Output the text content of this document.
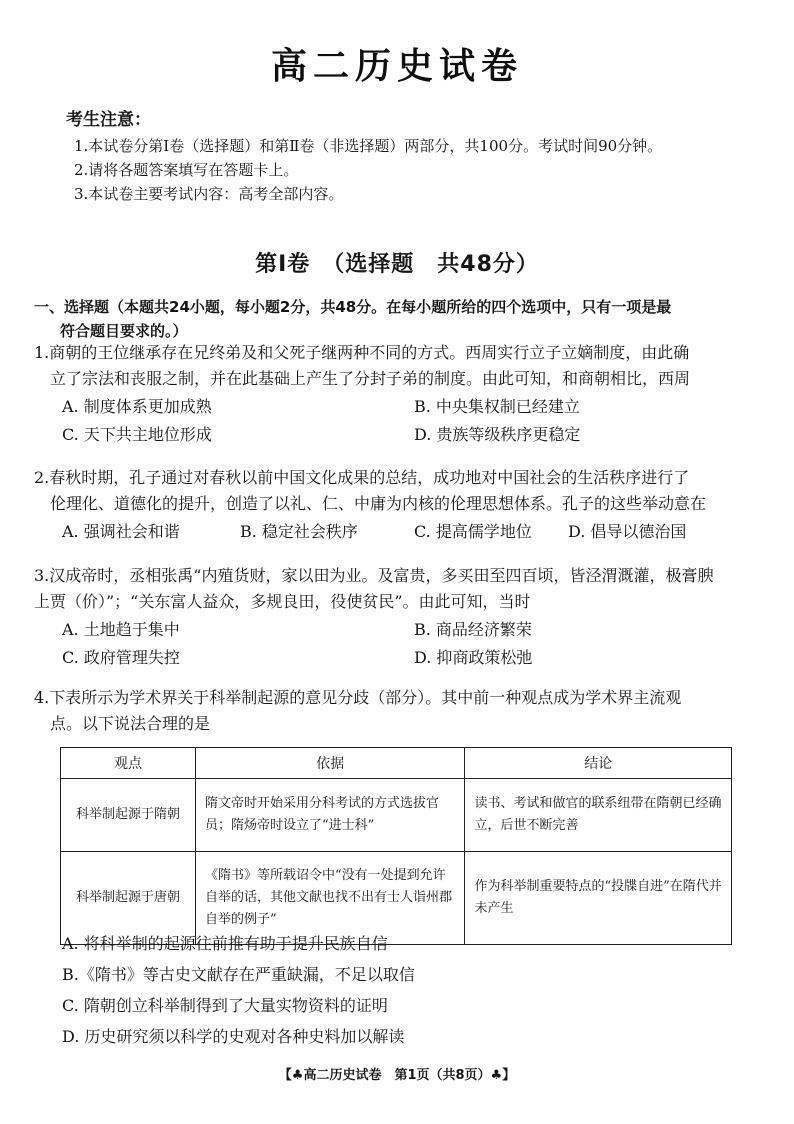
高二历史试卷
考生注意：
1.本试卷分第Ⅰ卷（选择题）和第Ⅱ卷（非选择题）两部分，共100分。考试时间90分钟。
2.请将各题答案填写在答题卡上。
3.本试卷主要考试内容：高考全部内容。
第Ⅰ卷　（选择题　共48分）
一、选择题（本题共24小题，每小题2分，共48分。在每小题所给的四个选项中，只有一项是最
符合题目要求的。）
1.商朝的王位继承存在兄终弟及和父死子继两种不同的方式。西周实行立子立嫡制度，由此确
立了宗法和丧服之制，并在此基础上产生了分封子弟的制度。由此可知，和商朝相比，西周
A. 制度体系更加成熟	B. 中央集权制已经建立
C. 天下共主地位形成	D. 贵族等级秩序更稳定
2.春秋时期，孔子通过对春秋以前中国文化成果的总结，成功地对中国社会的生活秩序进行了
伦理化、道德化的提升，创造了以礼、仁、中庸为内核的伦理思想体系。孔子的这些举动意在
A. 强调社会和谐	B. 稳定社会秩序	C. 提高儒学地位 D. 倡导以德治国
3.汉成帝时，丞相张禹“内殖货财，家以田为业。及富贵，多买田至四百顷，皆泾渭溉灌，极膏腴
上贾（价）”；“关东富人益众，多规良田，役使贫民”。由此可知，当时
A. 土地趋于集中	B. 商品经济繁荣
C. 政府管理失控	D. 抑商政策松弛
4.下表所示为学术界关于科举制起源的意见分歧（部分）。其中前一种观点成为学术界主流观
点。以下说法合理的是
观点	依据	结论
科举制起源于隋朝	隋文帝时开始采用分科考试的方式选拔官员；隋炀帝时设立了“进士科”	读书、考试和做官的联系纽带在隋朝已经确立，后世不断完善
科举制起源于唐朝	《隋书》等所载诏令中“没有一处提到允许自举的话，其他文献也找不出有士人诣州郡自举的例子”	作为科举制重要特点的“投牒自进”在隋代并未产生
A. 将科举制的起源往前推有助于提升民族自信
B.《隋书》等古史文献存在严重缺漏，不足以取信
C. 隋朝创立科举制得到了大量实物资料的证明
D. 历史研究须以科学的史观对各种史料加以解读
【♣高二历史试卷　第1页（共8页）♣】
